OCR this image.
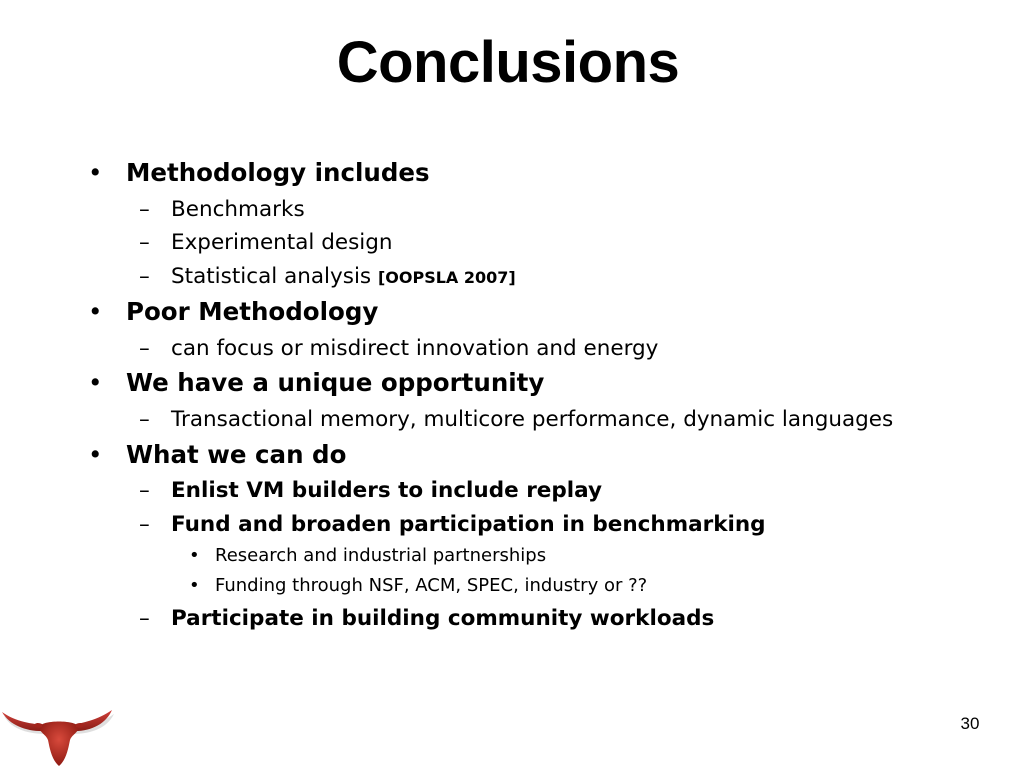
Conclusions
• Methodology includes
– Benchmarks
– Experimental design
– Statistical analysis [OOPSLA 2007]
• Poor Methodology
– can focus or misdirect innovation and energy
• We have a unique opportunity
– Transactional memory, multicore performance, dynamic languages
• What we can do
– Enlist VM builders to include replay
– Fund and broaden participation in benchmarking
• Research and industrial partnerships
• Funding through NSF, ACM, SPEC, industry or ??
– Participate in building community workloads
30
